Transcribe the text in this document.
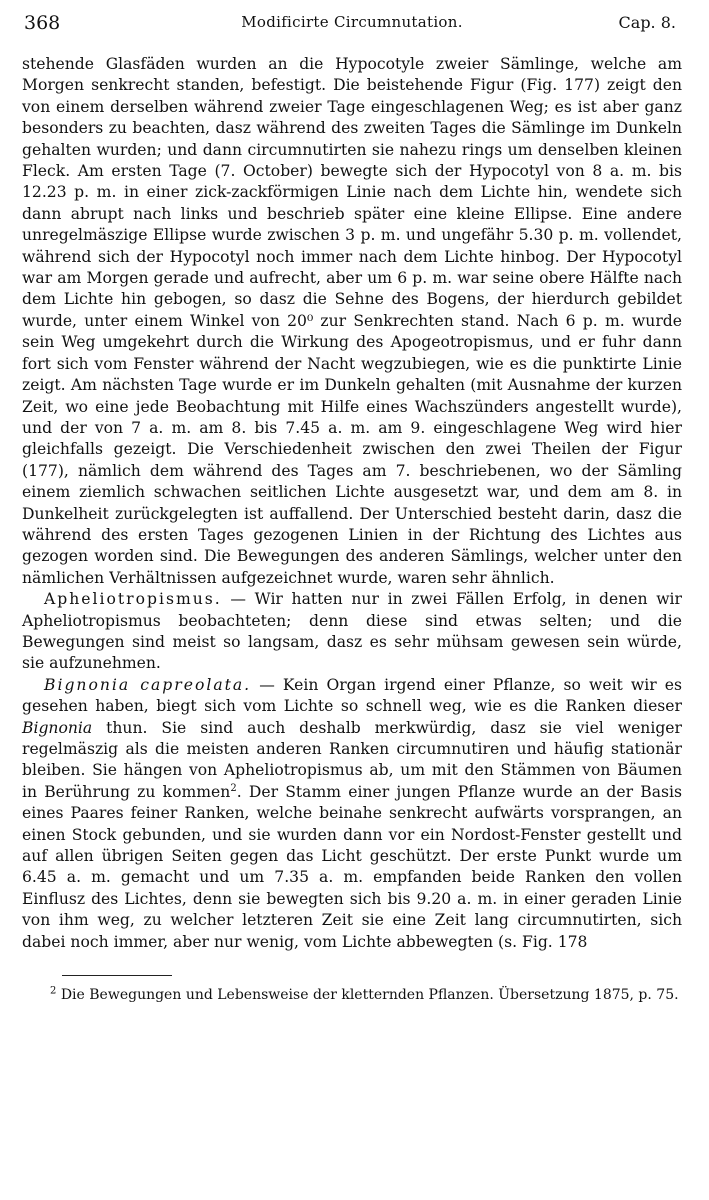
368	Modificirte Circumnutation.	Cap. 8.

stehende Glasfäden wurden an die Hypocotyle zweier Sämlinge, welche am Morgen senkrecht standen, befestigt. Die beistehende Figur (Fig. 177) zeigt den von einem derselben während zweier Tage eingeschlagenen Weg; es ist aber ganz besonders zu beachten, dasz während des zweiten Tages die Sämlinge im Dunkeln gehalten wurden; und dann circumnutirten sie nahezu rings um denselben kleinen Fleck. Am ersten Tage (7. October) bewegte sich der Hypocotyl von 8 a. m. bis 12.23 p. m. in einer zick-zackförmigen Linie nach dem Lichte hin, wendete sich dann abrupt nach links und beschrieb später eine kleine Ellipse. Eine andere unregelmäszige Ellipse wurde zwischen 3 p. m. und ungefähr 5.30 p. m. vollendet, während sich der Hypocotyl noch immer nach dem Lichte hinbog. Der Hypocotyl war am Morgen gerade und aufrecht, aber um 6 p. m. war seine obere Hälfte nach dem Lichte hin gebogen, so dasz die Sehne des Bogens, der hierdurch gebildet wurde, unter einem Winkel von 20⁰ zur Senkrechten stand. Nach 6 p. m. wurde sein Weg umgekehrt durch die Wirkung des Apogeotropismus, und er fuhr dann fort sich vom Fenster während der Nacht wegzubiegen, wie es die punktirte Linie zeigt. Am nächsten Tage wurde er im Dunkeln gehalten (mit Ausnahme der kurzen Zeit, wo eine jede Beobachtung mit Hilfe eines Wachszünders angestellt wurde), und der von 7 a. m. am 8. bis 7.45 a. m. am 9. eingeschlagene Weg wird hier gleichfalls gezeigt. Die Verschiedenheit zwischen den zwei Theilen der Figur (177), nämlich dem während des Tages am 7. beschriebenen, wo der Sämling einem ziemlich schwachen seitlichen Lichte ausgesetzt war, und dem am 8. in Dunkelheit zurückgelegten ist auffallend. Der Unterschied besteht darin, dasz die während des ersten Tages gezogenen Linien in der Richtung des Lichtes aus gezogen worden sind. Die Bewegungen des anderen Sämlings, welcher unter den nämlichen Verhältnissen aufgezeichnet wurde, waren sehr ähnlich.

Apheliotropismus. — Wir hatten nur in zwei Fällen Erfolg, in denen wir Apheliotropismus beobachteten; denn diese sind etwas selten; und die Bewegungen sind meist so langsam, dasz es sehr mühsam gewesen sein würde, sie aufzunehmen.

Bignonia capreolata. — Kein Organ irgend einer Pflanze, so weit wir es gesehen haben, biegt sich vom Lichte so schnell weg, wie es die Ranken dieser Bignonia thun. Sie sind auch deshalb merkwürdig, dasz sie viel weniger regelmäszig als die meisten anderen Ranken circumnutiren und häufig stationär bleiben. Sie hängen von Apheliotropismus ab, um mit den Stämmen von Bäumen in Berührung zu kommen$^2$. Der Stamm einer jungen Pflanze wurde an der Basis eines Paares feiner Ranken, welche beinahe senkrecht aufwärts vorsprangen, an einen Stock gebunden, und sie wurden dann vor ein Nordost-Fenster gestellt und auf allen übrigen Seiten gegen das Licht geschützt. Der erste Punkt wurde um 6.45 a. m. gemacht und um 7.35 a. m. empfanden beide Ranken den vollen Einflusz des Lichtes, denn sie bewegten sich bis 9.20 a. m. in einer geraden Linie von ihm weg, zu welcher letzteren Zeit sie eine Zeit lang circumnutirten, sich dabei noch immer, aber nur wenig, vom Lichte abbewegten (s. Fig. 178

$^2$ Die Bewegungen und Lebensweise der kletternden Pflanzen. Übersetzung 1875, p. 75.
